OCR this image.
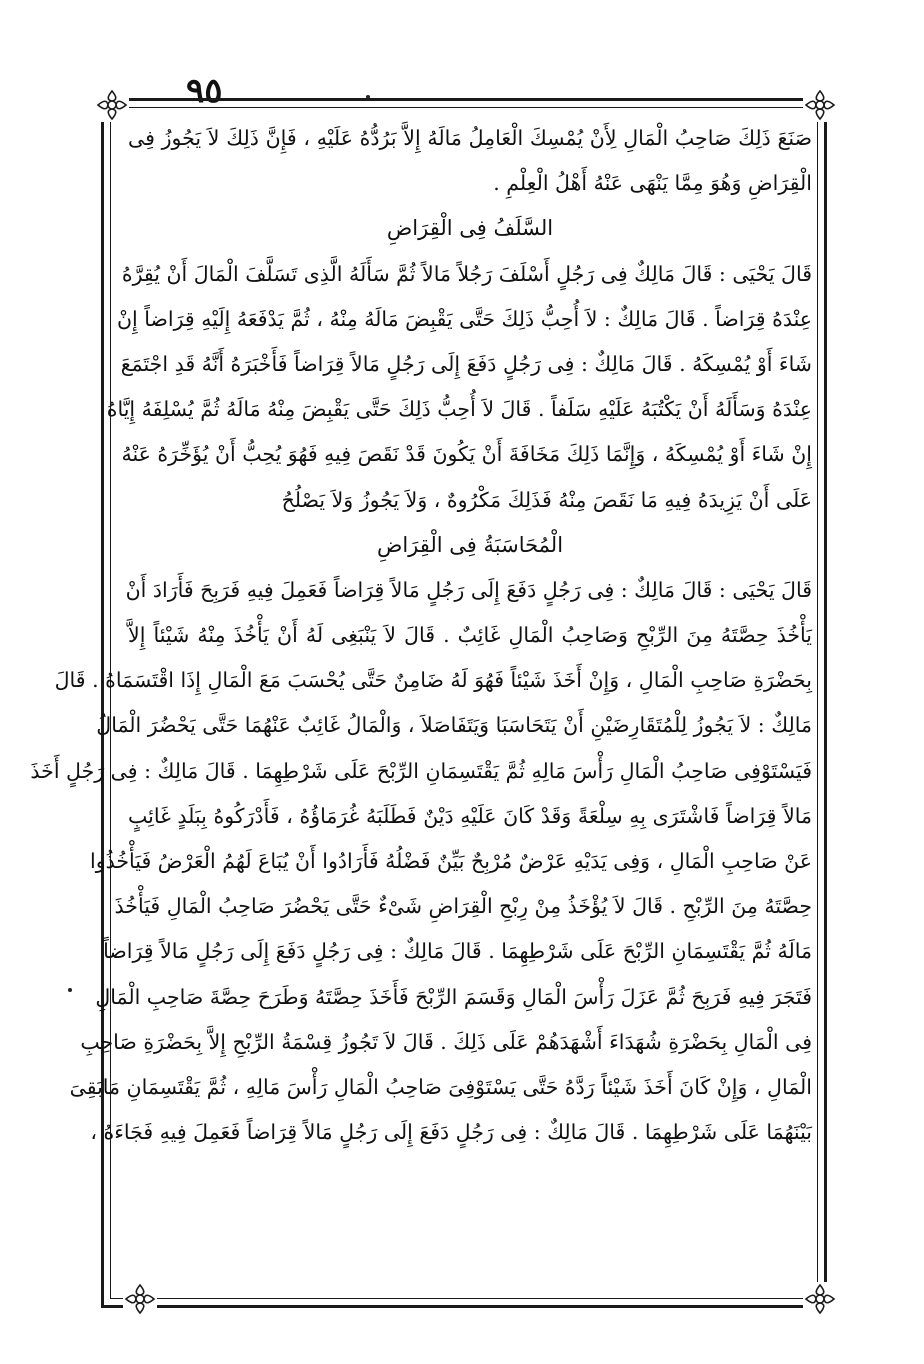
٩٥
صَنَعَ ذَلِكَ صَاحِبُ الْمَالِ لِأَنْ يُمْسِكَ الْعَامِلُ مَالَهُ إِلاَّ بَرُدُّهُ عَلَيْهِ ، فَإِنَّ ذَلِكَ لاَ يَجُوزُ فِى
الْقِرَاضِ وَهُوَ مِمَّا يَنْهَى عَنْهُ أَهْلُ الْعِلْمِ .
السَّلَفُ فِى الْقِرَاضِ
قَالَ يَحْيَى : قَالَ مَالِكٌ فِى رَجُلٍ أَسْلَفَ رَجُلاً مَالاً ثُمَّ سَأَلَهُ الَّذِى تَسَلَّفَ الْمَالَ أَنْ يُقِرَّهُ
عِنْدَهُ قِرَاضاً . قَالَ مَالِكٌ : لاَ أُحِبُّ ذَلِكَ حَتَّى يَقْبِضَ مَالَهُ مِنْهُ ، ثُمَّ يَدْفَعَهُ إِلَيْهِ قِرَاضاً إِنْ
شَاءَ أَوْ يُمْسِكَهُ . قَالَ مَالِكٌ : فِى رَجُلٍ دَفَعَ إِلَى رَجُلٍ مَالاً قِرَاضاً فَأَخْبَرَهُ أَنَّهُ قَدِ اجْتَمَعَ
عِنْدَهُ وَسَأَلَهُ أَنْ يَكْتُبَهُ عَلَيْهِ سَلَفاً . قَالَ لاَ أُحِبُّ ذَلِكَ حَتَّى يَقْبِضَ مِنْهُ مَالَهُ ثُمَّ يُسْلِفَهُ إِيَّاهُ
إِنْ شَاءَ أَوْ يُمْسِكَهُ ، وَإِنَّمَا ذَلِكَ مَخَافَةَ أَنْ يَكُونَ قَدْ نَقَصَ فِيهِ فَهُوَ يُحِبُّ أَنْ يُؤَخِّرَهُ عَنْهُ
عَلَى أَنْ يَزِيدَهُ فِيهِ مَا نَقَصَ مِنْهُ فَذَلِكَ مَكْرُوهٌ ، وَلاَ يَجُوزُ وَلاَ يَصْلُحُ
الْمُحَاسَبَةُ فِى الْقِرَاضِ
قَالَ يَحْيَى : قَالَ مَالِكٌ : فِى رَجُلٍ دَفَعَ إِلَى رَجُلٍ مَالاً قِرَاضاً فَعَمِلَ فِيهِ فَرَبِحَ فَأَرَادَ أَنْ
يَأْخُذَ حِصَّتَهُ مِنَ الرِّبْحِ وَصَاحِبُ الْمَالِ غَائِبٌ . قَالَ لاَ يَنْبَغِى لَهُ أَنْ يَأْخُذَ مِنْهُ شَيْئاً إِلاَّ
بِحَضْرَةِ صَاحِبِ الْمَالِ ، وَإِنْ أَخَذَ شَيْئاً فَهُوَ لَهُ ضَامِنٌ حَتَّى يُحْسَبَ مَعَ الْمَالِ إِذَا اقْتَسَمَاهُ . قَالَ
مَالِكٌ : لاَ يَجُوزُ لِلْمُتَقَارِضَيْنِ أَنْ يَتَحَاسَبَا وَيَتَفَاصَلاَ ، وَالْمَالُ غَائِبٌ عَنْهُمَا حَتَّى يَحْضُرَ الْمَالُ
فَيَسْتَوْفِى صَاحِبُ الْمَالِ رَأْسَ مَالِهِ ثُمَّ يَقْتَسِمَانِ الرِّبْحَ عَلَى شَرْطِهِمَا . قَالَ مَالِكٌ : فِى رَجُلٍ أَخَذَ
مَالاً قِرَاضاً فَاشْتَرَى بِهِ سِلْعَةً وَقَدْ كَانَ عَلَيْهِ دَيْنٌ فَطَلَبَهُ غُرَمَاؤُهُ ، فَأَدْرَكُوهُ بِبَلَدٍ غَائِبٍ
عَنْ صَاحِبِ الْمَالِ ، وَفِى يَدَيْهِ عَرْضٌ مُرْبِحٌ بَيِّنٌ فَضْلُهُ فَأَرَادُوا أَنْ يُبَاعَ لَهُمُ الْعَرْضُ فَيَأْخُذُوا
حِصَّتَهُ مِنَ الرِّبْحِ . قَالَ لاَ يُؤْخَذُ مِنْ رِبْحِ الْقِرَاضِ شَىْءٌ حَتَّى يَحْضُرَ صَاحِبُ الْمَالِ فَيَأْخُذَ
مَالَهُ ثُمَّ يَقْتَسِمَانِ الرِّبْحَ عَلَى شَرْطِهِمَا . قَالَ مَالِكٌ : فِى رَجُلٍ دَفَعَ إِلَى رَجُلٍ مَالاً قِرَاضاً
فَتَجَرَ فِيهِ فَرَبِحَ ثُمَّ عَزَلَ رَأْسَ الْمَالِ وَقَسَمَ الرِّبْحَ فَأَخَذَ حِصَّتَهُ وَطَرَحَ حِصَّةَ صَاحِبِ الْمَالِ
فِى الْمَالِ بِحَضْرَةِ شُهَدَاءَ أَشْهَدَهُمْ عَلَى ذَلِكَ . قَالَ لاَ تَجُوزُ قِسْمَةُ الرِّبْحِ إِلاَّ بِحَضْرَةِ صَاحِبِ
الْمَالِ ، وَإِنْ كَانَ أَخَذَ شَيْئاً رَدَّهُ حَتَّى يَسْتَوْفِىَ صَاحِبُ الْمَالِ رَأْسَ مَالِهِ ، ثُمَّ يَقْتَسِمَانِ مَابَقِىَ
بَيْنَهُمَا عَلَى شَرْطِهِمَا . قَالَ مَالِكٌ : فِى رَجُلٍ دَفَعَ إِلَى رَجُلٍ مَالاً قِرَاضاً فَعَمِلَ فِيهِ فَجَاءَهُ ،
